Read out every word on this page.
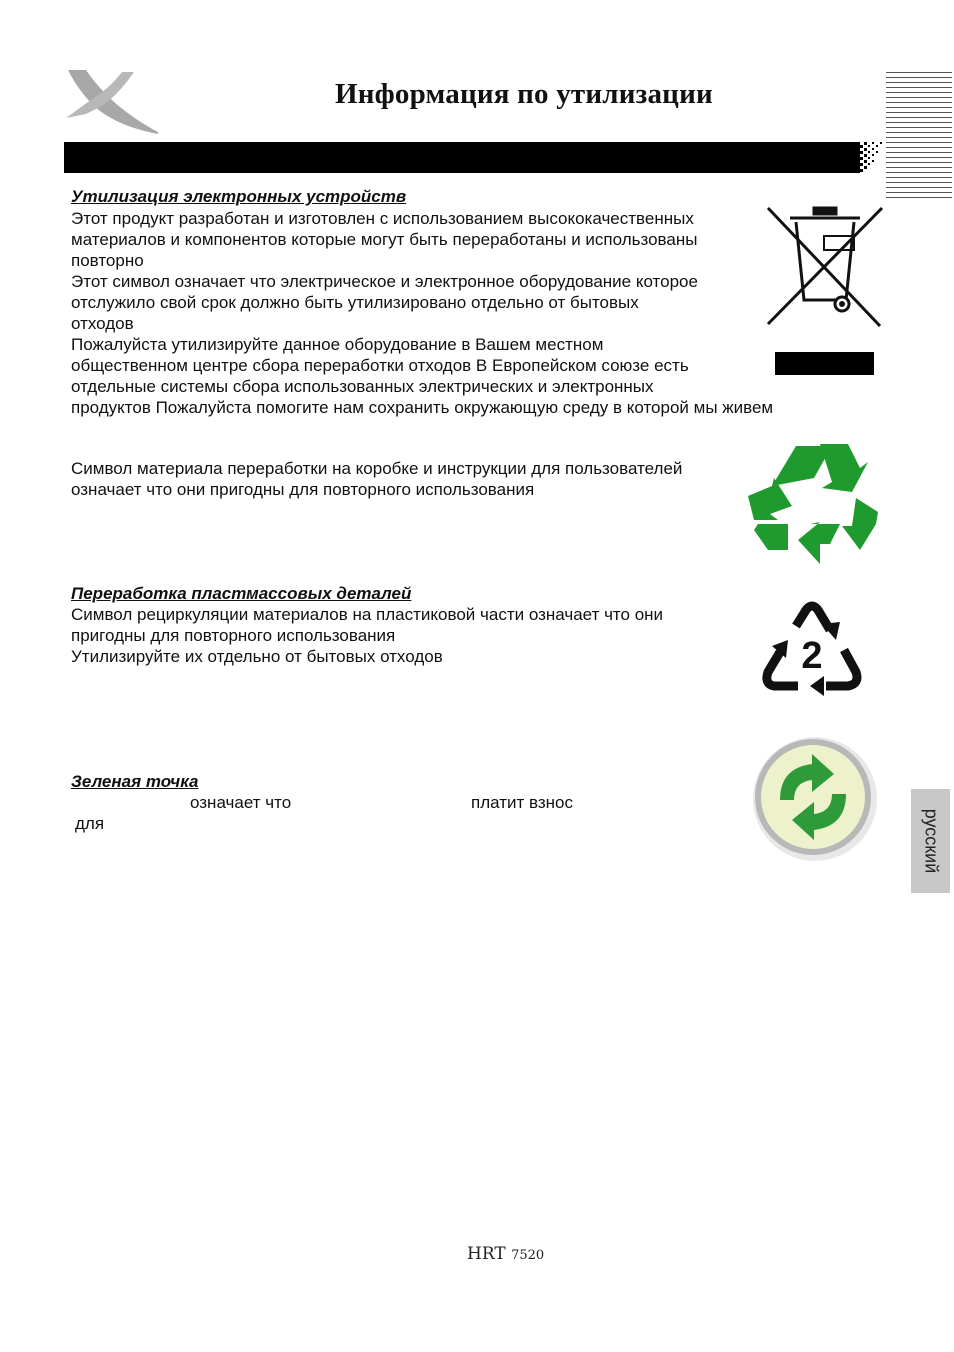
Информация по утилизации
Утилизация электронных устройств
Этот продукт разработан и изготовлен с использованием высококачественных
материалов и компонентов которые могут быть переработаны и использованы
повторно
Этот символ означает что электрическое и электронное оборудование которое
отслужило свой срок должно быть утилизировано отдельно от бытовых
отходов
Пожалуйста утилизируйте данное оборудование в Вашем местном
общественном центре сбора переработки отходов В Европейском союзе есть
отдельные системы сбора использованных электрических и электронных
продуктов Пожалуйста помогите нам сохранить окружающую среду в которой мы живем
Символ материала переработки на коробке и инструкции для пользователей
означает что они пригодны для повторного использования
Переработка пластмассовых деталей
Символ рециркуляции материалов на пластиковой части означает что они
пригодны для повторного использования
Утилизируйте их отдельно от бытовых отходов	2
Зеленая точка
означает что	платит взнос
для	русский
HRT 7520
